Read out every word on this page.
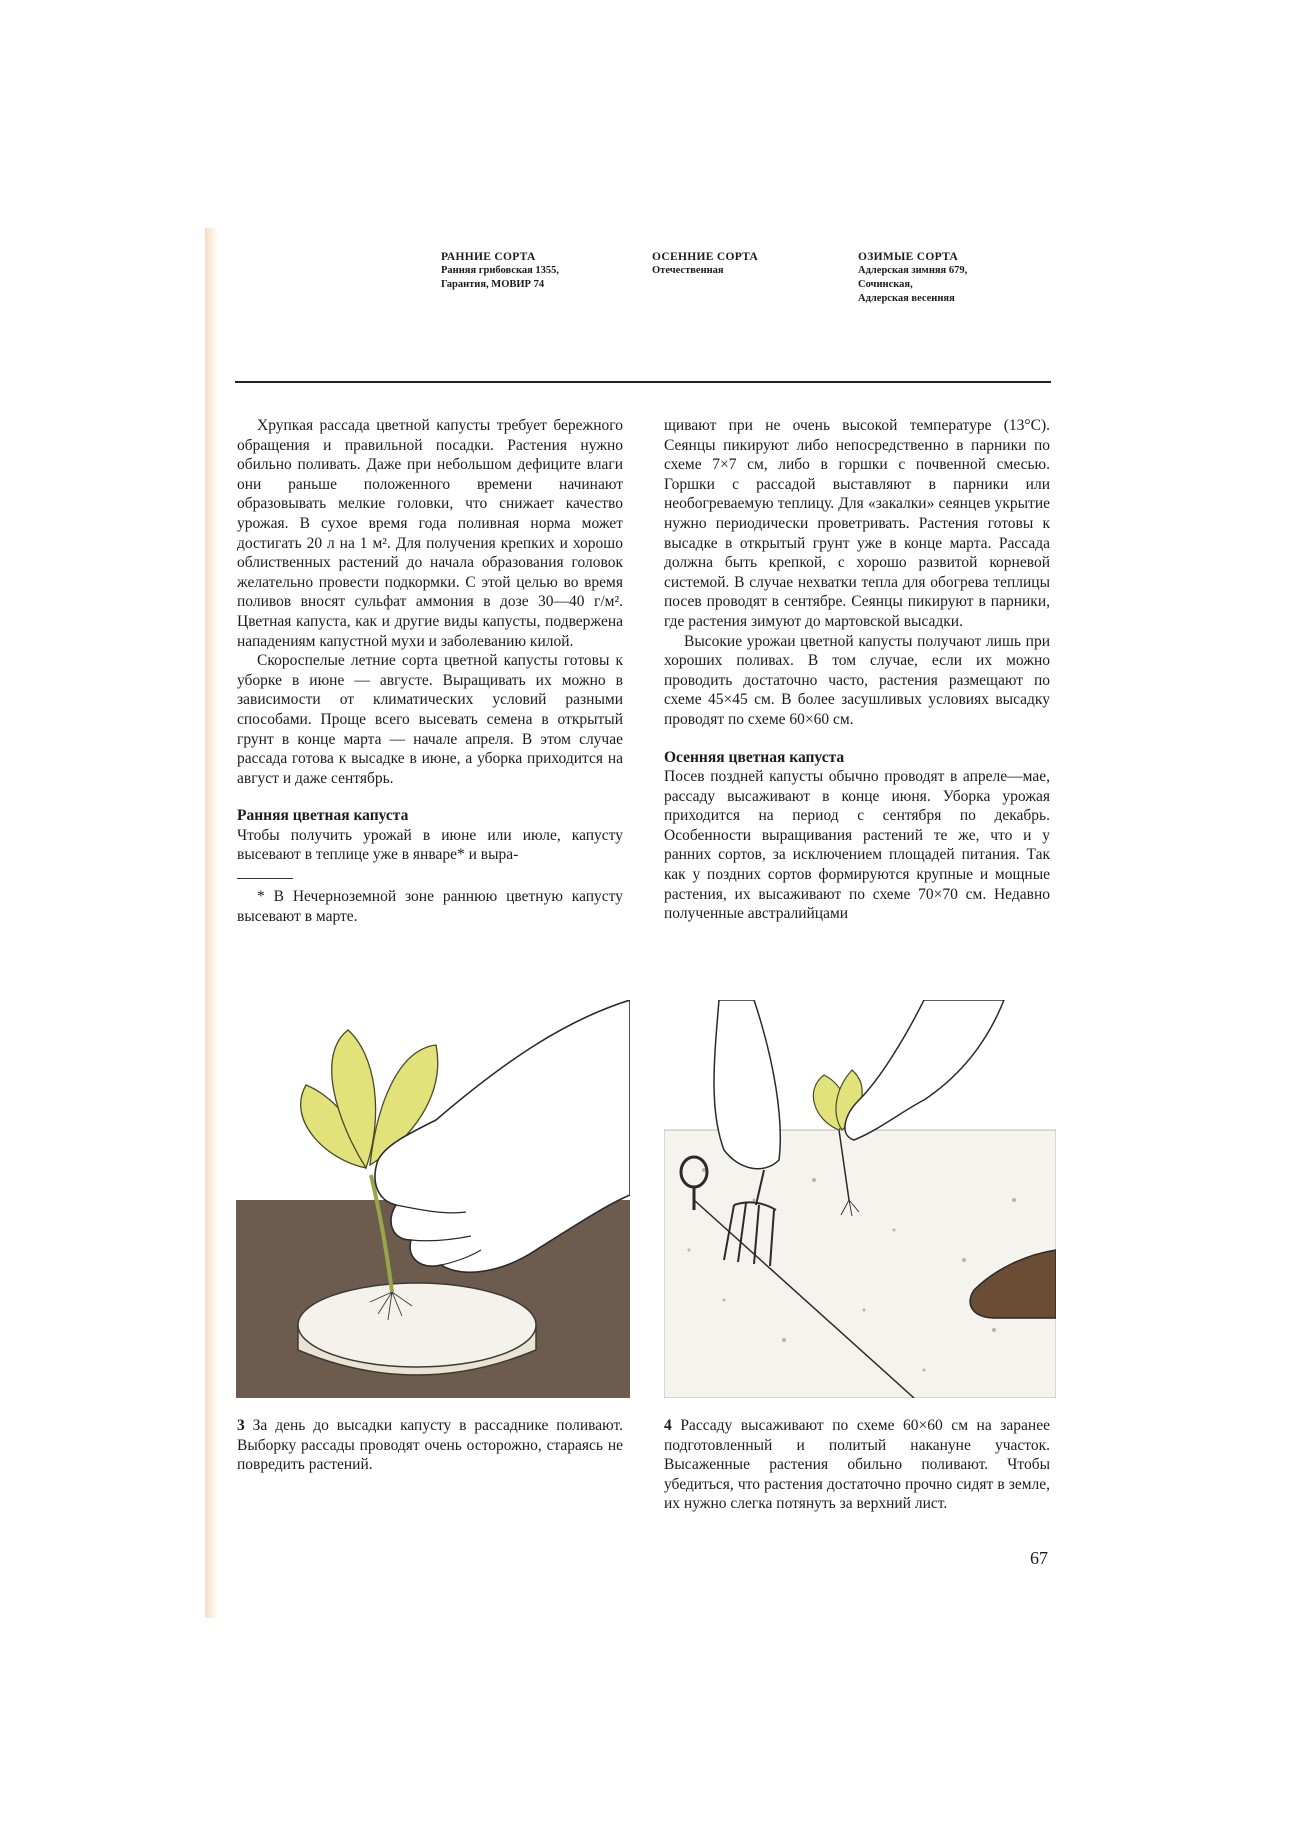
РАННИЕ СОРТА
Ранняя грибовская 1355,
Гарантия, МОВИР 74
ОСЕННИЕ СОРТА
Отечественная
ОЗИМЫЕ СОРТА
Адлерская зимняя 679,
Сочинская,
Адлерская весенняя

Хрупкая рассада цветной капусты требует бережного обращения и правильной посадки. Растения нужно обильно поливать. Даже при небольшом дефиците влаги они раньше положенного времени начинают образовывать мелкие головки, что снижает качество урожая. В сухое время года поливная норма может достигать 20 л на 1 м². Для получения крепких и хорошо облиственных растений до начала образования головок желательно провести подкормки. С этой целью во время поливов вносят сульфат аммония в дозе 30—40 г/м². Цветная капуста, как и другие виды капусты, подвержена нападениям капустной мухи и заболеванию килой.

Скороспелые летние сорта цветной капусты готовы к уборке в июне — августе. Выращивать их можно в зависимости от климатических условий разными способами. Проще всего высевать семена в открытый грунт в конце марта — начале апреля. В этом случае рассада готова к высадке в июне, а уборка приходится на август и даже сентябрь.

Ранняя цветная капуста

Чтобы получить урожай в июне или июле, капусту высевают в теплице уже в январе* и выра-

* В Нечерноземной зоне раннюю цветную капусту высевают в марте.

щивают при не очень высокой температуре (13°С). Сеянцы пикируют либо непосредственно в парники по схеме 7×7 см, либо в горшки с почвенной смесью. Горшки с рассадой выставляют в парники или необогреваемую теплицу. Для «закалки» сеянцев укрытие нужно периодически проветривать. Растения готовы к высадке в открытый грунт уже в конце марта. Рассада должна быть крепкой, с хорошо развитой корневой системой. В случае нехватки тепла для обогрева теплицы посев проводят в сентябре. Сеянцы пикируют в парники, где растения зимуют до мартовской высадки.

Высокие урожаи цветной капусты получают лишь при хороших поливах. В том случае, если их можно проводить достаточно часто, растения размещают по схеме 45×45 см. В более засушливых условиях высадку проводят по схеме 60×60 см.

Осенняя цветная капуста

Посев поздней капусты обычно проводят в апреле—мае, рассаду высаживают в конце июня. Уборка урожая приходится на период с сентября по декабрь. Особенности выращивания растений те же, что и у ранних сортов, за исключением площадей питания. Так как у поздних сортов формируются крупные и мощные растения, их высаживают по схеме 70×70 см. Недавно полученные австралийцами

3 За день до высадки капусту в рассаднике поливают. Выборку рассады проводят очень осторожно, стараясь не повредить растений.
4 Рассаду высаживают по схеме 60×60 см на заранее подготовленный и политый накануне участок. Высаженные растения обильно поливают. Чтобы убедиться, что растения достаточно прочно сидят в земле, их нужно слегка потянуть за верхний лист.
67
